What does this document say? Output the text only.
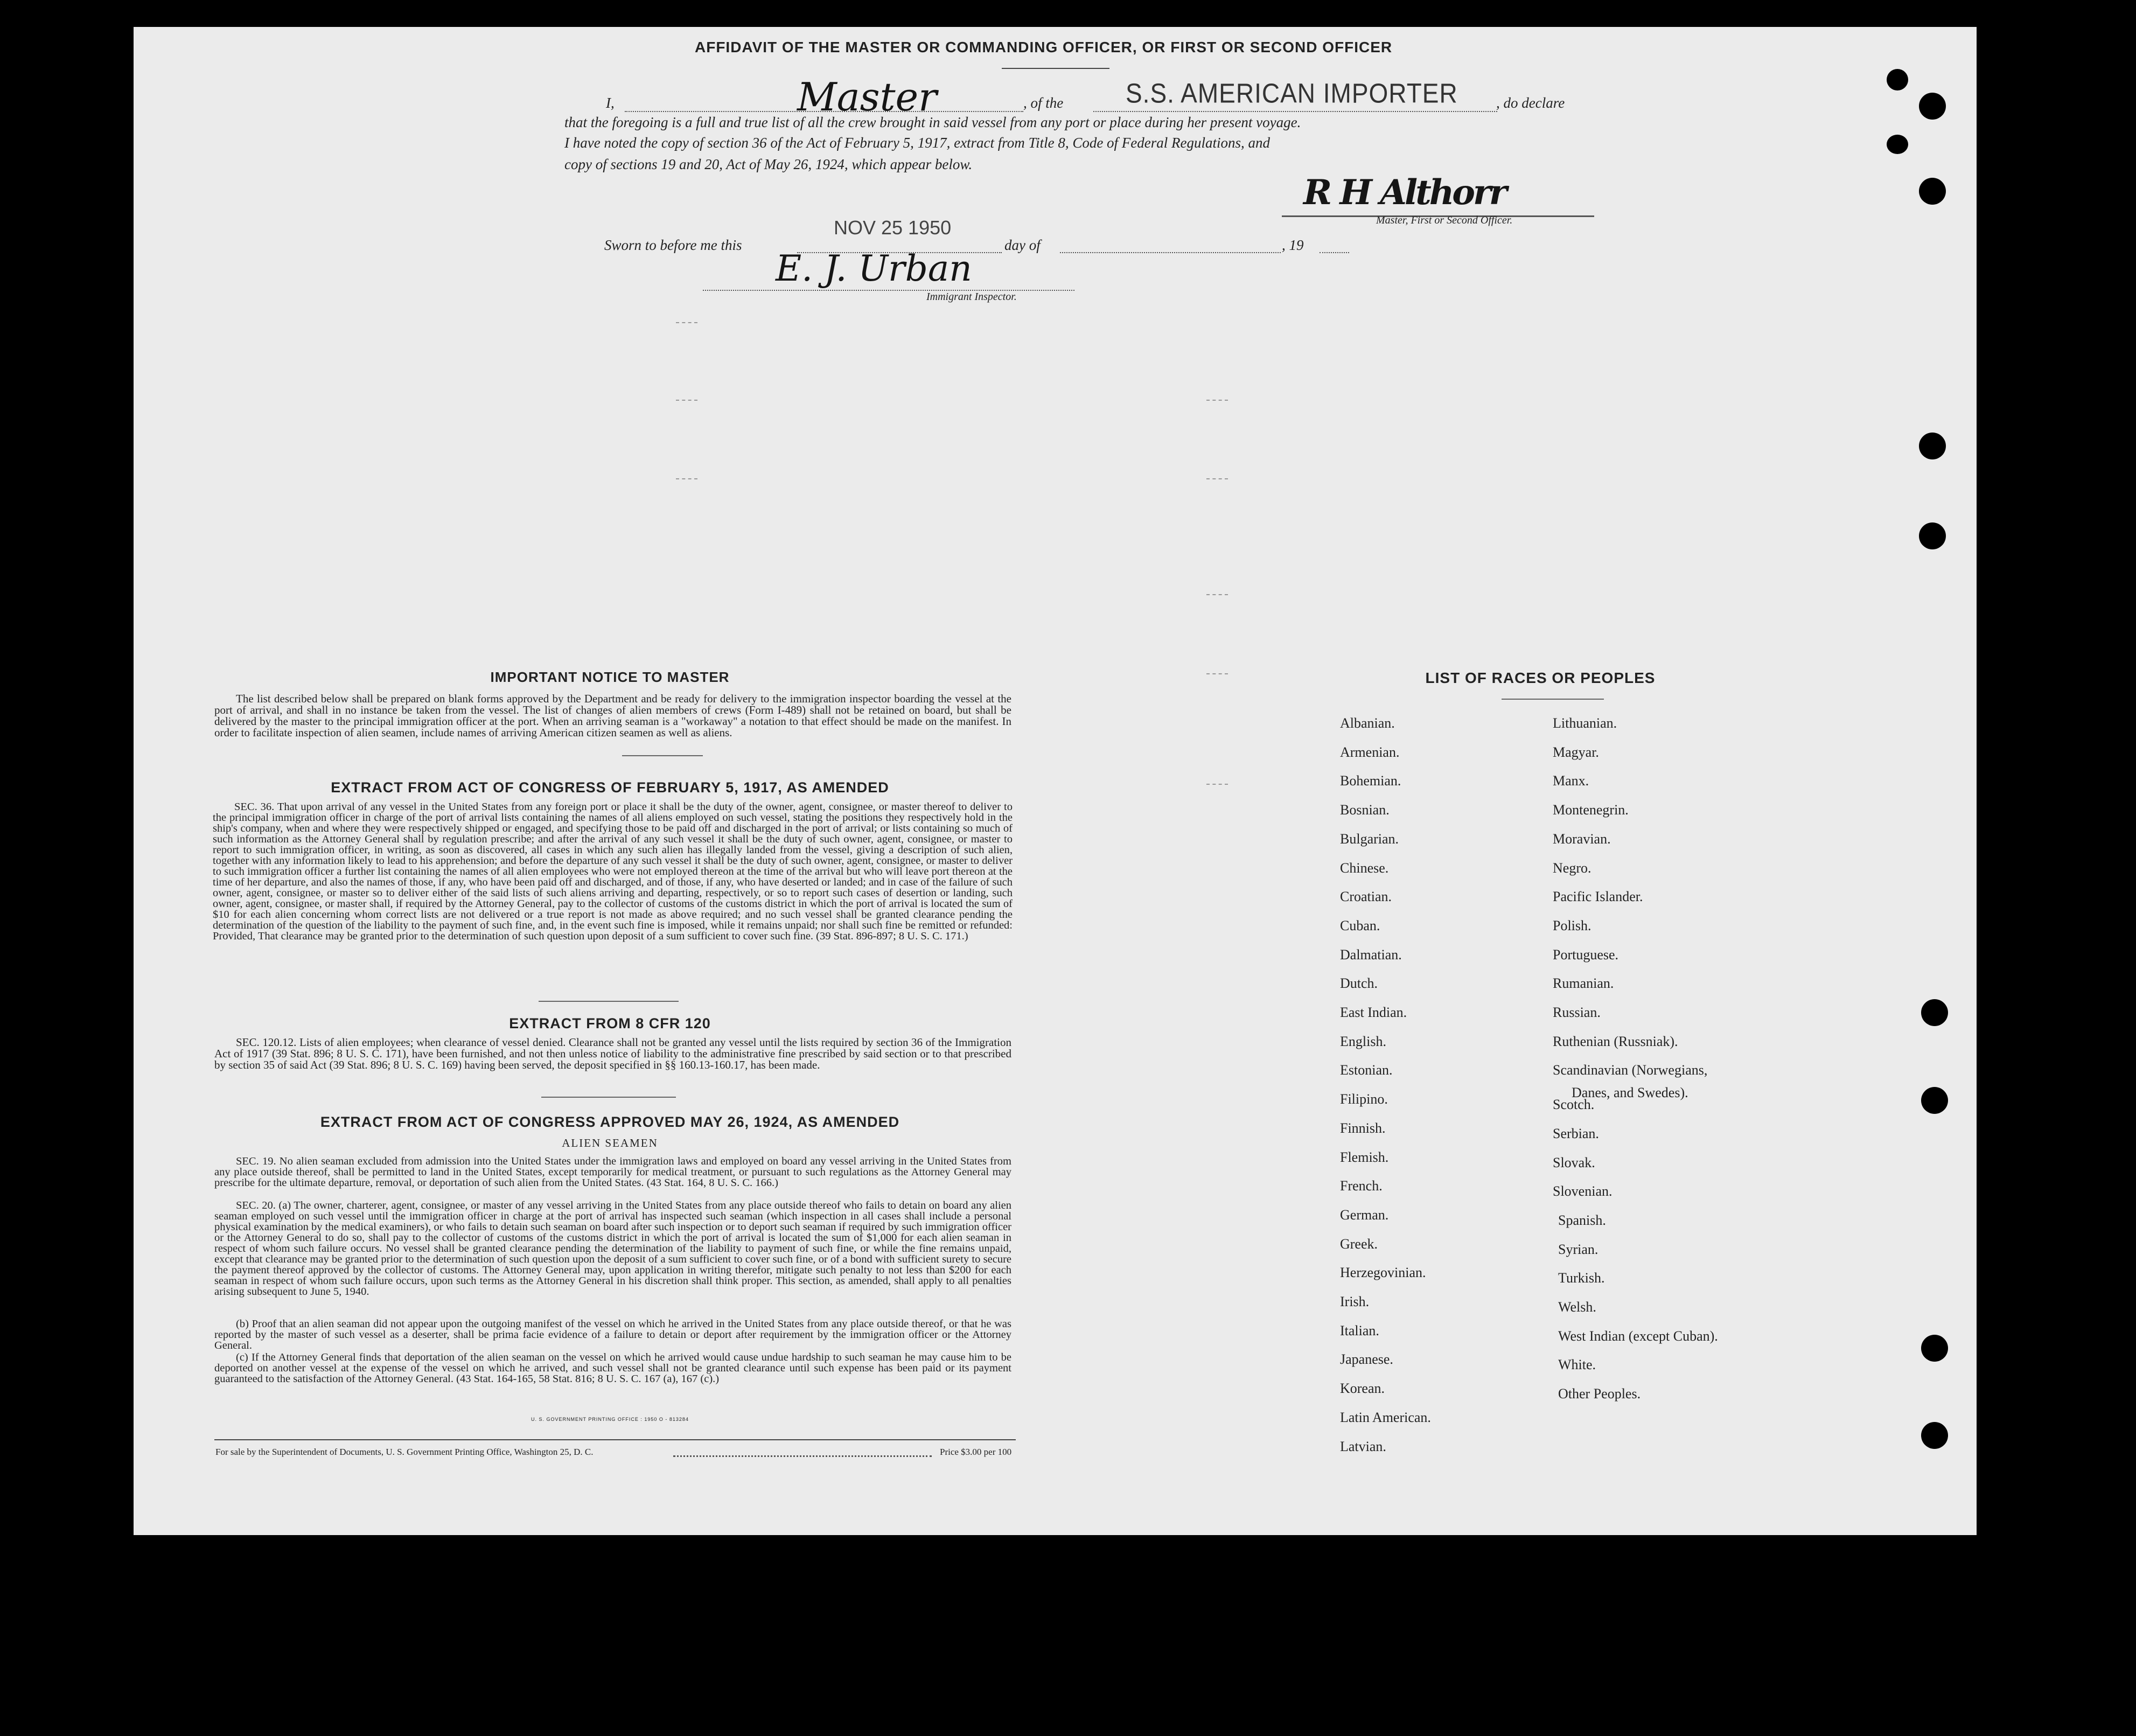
AFFIDAVIT OF THE MASTER OR COMMANDING OFFICER, OR FIRST OR SECOND OFFICER
I,	Master	, of the	S.S. AMERICAN IMPORTER	, do declare
that the foregoing is a full and true list of all the crew brought in said vessel from any port or place during her present voyage.
I have noted the copy of section 36 of the Act of February 5, 1917, extract from Title 8, Code of Federal Regulations, and
copy of sections 19 and 20, Act of May 26, 1924, which appear below.
R H Althorr
Master, First or Second Officer.
Sworn to before me this
NOV 25 1950
day of	, 19
E. J. Urban
Immigrant Inspector.
IMPORTANT NOTICE TO MASTER
The list described below shall be prepared on blank forms approved by the Department and be ready for delivery to the immigration inspector boarding the vessel at the port of arrival, and shall in no instance be taken from the vessel. The list of changes of alien members of crews (Form I-489) shall not be retained on board, but shall be delivered by the master to the principal immigration officer at the port. When an arriving seaman is a "workaway" a notation to that effect should be made on the manifest. In order to facilitate inspection of alien seamen, include names of arriving American citizen seamen as well as aliens.
EXTRACT FROM ACT OF CONGRESS OF FEBRUARY 5, 1917, AS AMENDED
SEC. 36. That upon arrival of any vessel in the United States from any foreign port or place it shall be the duty of the owner, agent, consignee, or master thereof to deliver to the principal immigration officer in charge of the port of arrival lists containing the names of all aliens employed on such vessel, stating the positions they respectively hold in the ship's company, when and where they were respectively shipped or engaged, and specifying those to be paid off and discharged in the port of arrival; or lists containing so much of such information as the Attorney General shall by regulation prescribe; and after the arrival of any such vessel it shall be the duty of such owner, agent, consignee, or master to report to such immigration officer, in writing, as soon as discovered, all cases in which any such alien has illegally landed from the vessel, giving a description of such alien, together with any information likely to lead to his apprehension; and before the departure of any such vessel it shall be the duty of such owner, agent, consignee, or master to deliver to such immigration officer a further list containing the names of all alien employees who were not employed thereon at the time of the arrival but who will leave port thereon at the time of her departure, and also the names of those, if any, who have been paid off and discharged, and of those, if any, who have deserted or landed; and in case of the failure of such owner, agent, consignee, or master so to deliver either of the said lists of such aliens arriving and departing, respectively, or so to report such cases of desertion or landing, such owner, agent, consignee, or master shall, if required by the Attorney General, pay to the collector of customs of the customs district in which the port of arrival is located the sum of $10 for each alien concerning whom correct lists are not delivered or a true report is not made as above required; and no such vessel shall be granted clearance pending the determination of the question of the liability to the payment of such fine, and, in the event such fine is imposed, while it remains unpaid; nor shall such fine be remitted or refunded: Provided, That clearance may be granted prior to the determination of such question upon deposit of a sum sufficient to cover such fine. (39 Stat. 896-897; 8 U. S. C. 171.)
EXTRACT FROM 8 CFR 120
SEC. 120.12. Lists of alien employees; when clearance of vessel denied. Clearance shall not be granted any vessel until the lists required by section 36 of the Immigration Act of 1917 (39 Stat. 896; 8 U. S. C. 171), have been furnished, and not then unless notice of liability to the administrative fine prescribed by said section or to that prescribed by section 35 of said Act (39 Stat. 896; 8 U. S. C. 169) having been served, the deposit specified in §§ 160.13-160.17, has been made.
EXTRACT FROM ACT OF CONGRESS APPROVED MAY 26, 1924, AS AMENDED
ALIEN SEAMEN
SEC. 19. No alien seaman excluded from admission into the United States under the immigration laws and employed on board any vessel arriving in the United States from any place outside thereof, shall be permitted to land in the United States, except temporarily for medical treatment, or pursuant to such regulations as the Attorney General may prescribe for the ultimate departure, removal, or deportation of such alien from the United States. (43 Stat. 164, 8 U. S. C. 166.)
SEC. 20. (a) The owner, charterer, agent, consignee, or master of any vessel arriving in the United States from any place outside thereof who fails to detain on board any alien seaman employed on such vessel until the immigration officer in charge at the port of arrival has inspected such seaman (which inspection in all cases shall include a personal physical examination by the medical examiners), or who fails to detain such seaman on board after such inspection or to deport such seaman if required by such immigration officer or the Attorney General to do so, shall pay to the collector of customs of the customs district in which the port of arrival is located the sum of $1,000 for each alien seaman in respect of whom such failure occurs. No vessel shall be granted clearance pending the determination of the liability to payment of such fine, or while the fine remains unpaid, except that clearance may be granted prior to the determination of such question upon the deposit of a sum sufficient to cover such fine, or of a bond with sufficient surety to secure the payment thereof approved by the collector of customs. The Attorney General may, upon application in writing therefor, mitigate such penalty to not less than $200 for each seaman in respect of whom such failure occurs, upon such terms as the Attorney General in his discretion shall think proper. This section, as amended, shall apply to all penalties arising subsequent to June 5, 1940.
(b) Proof that an alien seaman did not appear upon the outgoing manifest of the vessel on which he arrived in the United States from any place outside thereof, or that he was reported by the master of such vessel as a deserter, shall be prima facie evidence of a failure to detain or deport after requirement by the immigration officer or the Attorney General.
(c) If the Attorney General finds that deportation of the alien seaman on the vessel on which he arrived would cause undue hardship to such seaman he may cause him to be deported on another vessel at the expense of the vessel on which he arrived, and such vessel shall not be granted clearance until such expense has been paid or its payment guaranteed to the satisfaction of the Attorney General. (43 Stat. 164-165, 58 Stat. 816; 8 U. S. C. 167 (a), 167 (c).)
U. S. GOVERNMENT PRINTING OFFICE : 1950 O - 813284
For sale by the Superintendent of Documents, U. S. Government Printing Office, Washington 25, D. C.	Price $3.00 per 100
LIST OF RACES OR PEOPLES
Albanian.
Armenian.
Bohemian.
Bosnian.
Bulgarian.
Chinese.
Croatian.
Cuban.
Dalmatian.
Dutch.
East Indian.
English.
Estonian.
Filipino.
Finnish.
Flemish.
French.
German.
Greek.
Herzegovinian.
Irish.
Italian.
Japanese.
Korean.
Latin American.
Latvian.
Lithuanian.
Magyar.
Manx.
Montenegrin.
Moravian.
Negro.
Pacific Islander.
Polish.
Portuguese.
Rumanian.
Russian.
Ruthenian (Russniak).
Scandinavian (Norwegians,
Danes, and Swedes).
Scotch.
Serbian.
Slovak.
Slovenian.
Spanish.
Syrian.
Turkish.
Welsh.
West Indian (except Cuban).
White.
Other Peoples.
